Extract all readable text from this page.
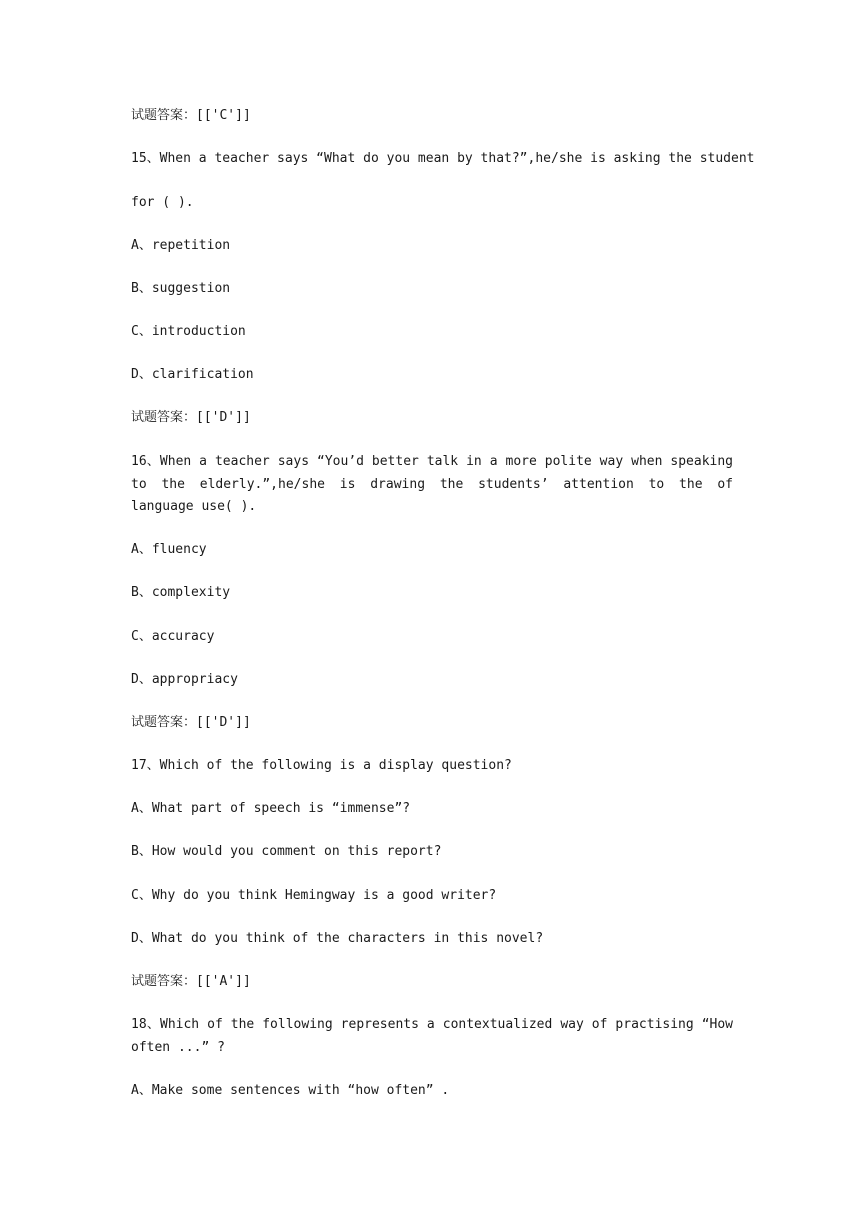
试题答案：[['C']]
15、When a teacher says “What do you mean by that?”,he/she is asking the student
for ( ).
A、repetition
B、suggestion
C、introduction
D、clarification
试题答案：[['D']]
16、When a teacher says “You’d better talk in a more polite way when speaking to the elderly.”,he/she is drawing the students’ attention to the of language use( ).
A、fluency
B、complexity
C、accuracy
D、appropriacy
试题答案：[['D']]
17、Which of the following is a display question?
A、What part of speech is “immense”?
B、How would you comment on this report?
C、Why do you think Hemingway is a good writer?
D、What do you think of the characters in this novel?
试题答案：[['A']]
18、Which of the following represents a contextualized way of practising “How often ...” ?
A、Make some sentences with “how often” .
